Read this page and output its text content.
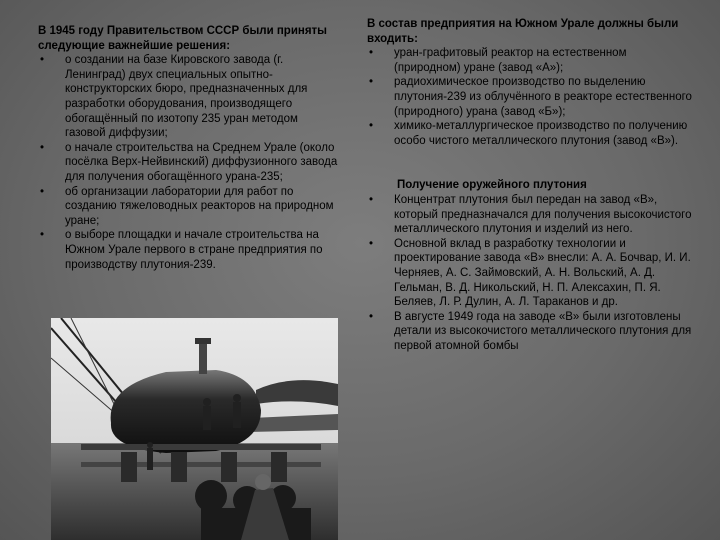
В 1945 году Правительством СССР были приняты следующие важнейшие решения:

• о создании на базе Кировского завода (г. Ленинград) двух специальных опытно-конструкторских бюро, предназначенных для разработки оборудования, производящего обогащённый по изотопу 235 уран методом газовой диффузии;
• о начале строительства на Среднем Урале (около посёлка Верх-Нейвинский) диффузионного завода для получения обогащённого урана-235;
• об организации лаборатории для работ по созданию тяжеловодных реакторов на природном уране;
• о выборе площадки и начале строительства на Южном Урале первого в стране предприятия по производству плутония-239.

В состав предприятия на Южном Урале должны были входить:

• уран-графитовый реактор на естественном (природном) уране (завод «А»);
• радиохимическое производство по выделению плутония-239 из облучённого в реакторе естественного (природного) урана (завод «Б»);
• химико-металлургическое производство по получению особо чистого металлического плутония (завод «В»).

Получение оружейного плутония

• Концентрат плутония был передан на завод «В», который предназначался для получения высокочистого металлического плутония и изделий из него.
• Основной вклад в разработку технологии и проектирование завода «В» внесли: А. А. Бочвар, И. И. Черняев, А. С. Займовский, А. Н. Вольский, А. Д. Гельман, В. Д. Никольский, Н. П. Алексахин, П. Я. Беляев, Л. Р. Дулин, А. Л. Тараканов и др.
• В августе 1949 года на заводе «В» были изготовлены детали из высокочистого металлического плутония для первой атомной бомбы
